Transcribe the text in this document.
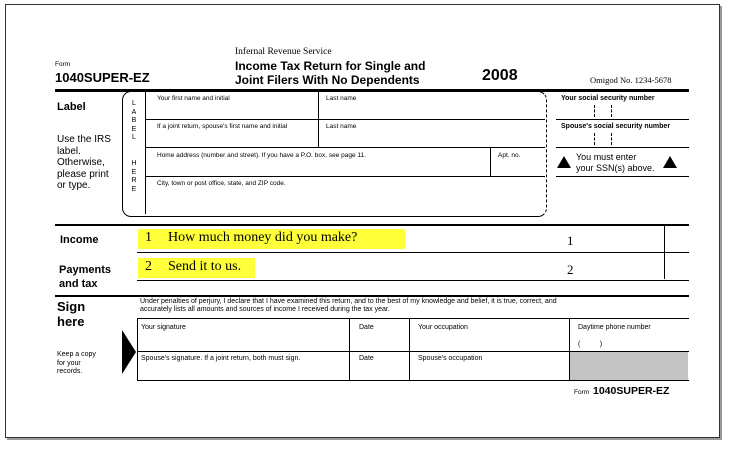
Form
1040SUPER-EZ
Infernal Revenue Service
Income Tax Return for Single and
Joint Filers With No Dependents	2008	Omigod No. 1234-5678
Label
Use the IRS
label.
Otherwise,
please print
or type.
L
A
B
E
L
H
E
R
E
Your first name and initial	Last name
If a joint return, spouse's first name and initial	Last name
Home address (number and street). If you have a P.O. box, see page 11.	Apt. no.
City, town or post office, state, and ZIP code.
Your social security number
Spouse's social security number
You must enter
your SSN(s) above.
Income	1 How much money did you make?	1
Payments
and tax
2 Send it to us.	2
Sign
here
Under penalties of perjury, I declare that I have examined this return, and to the best of my knowledge and belief, it is true, correct, and
accurately lists all amounts and sources of income I received during the tax year.
Your signature	Date	Your occupation	Daytime phone number
(          )
Keep a copy
for your
records.
Spouse's signature. If a joint return, both must sign.	Date	Spouse's occupation
Form 1040SUPER-EZ
